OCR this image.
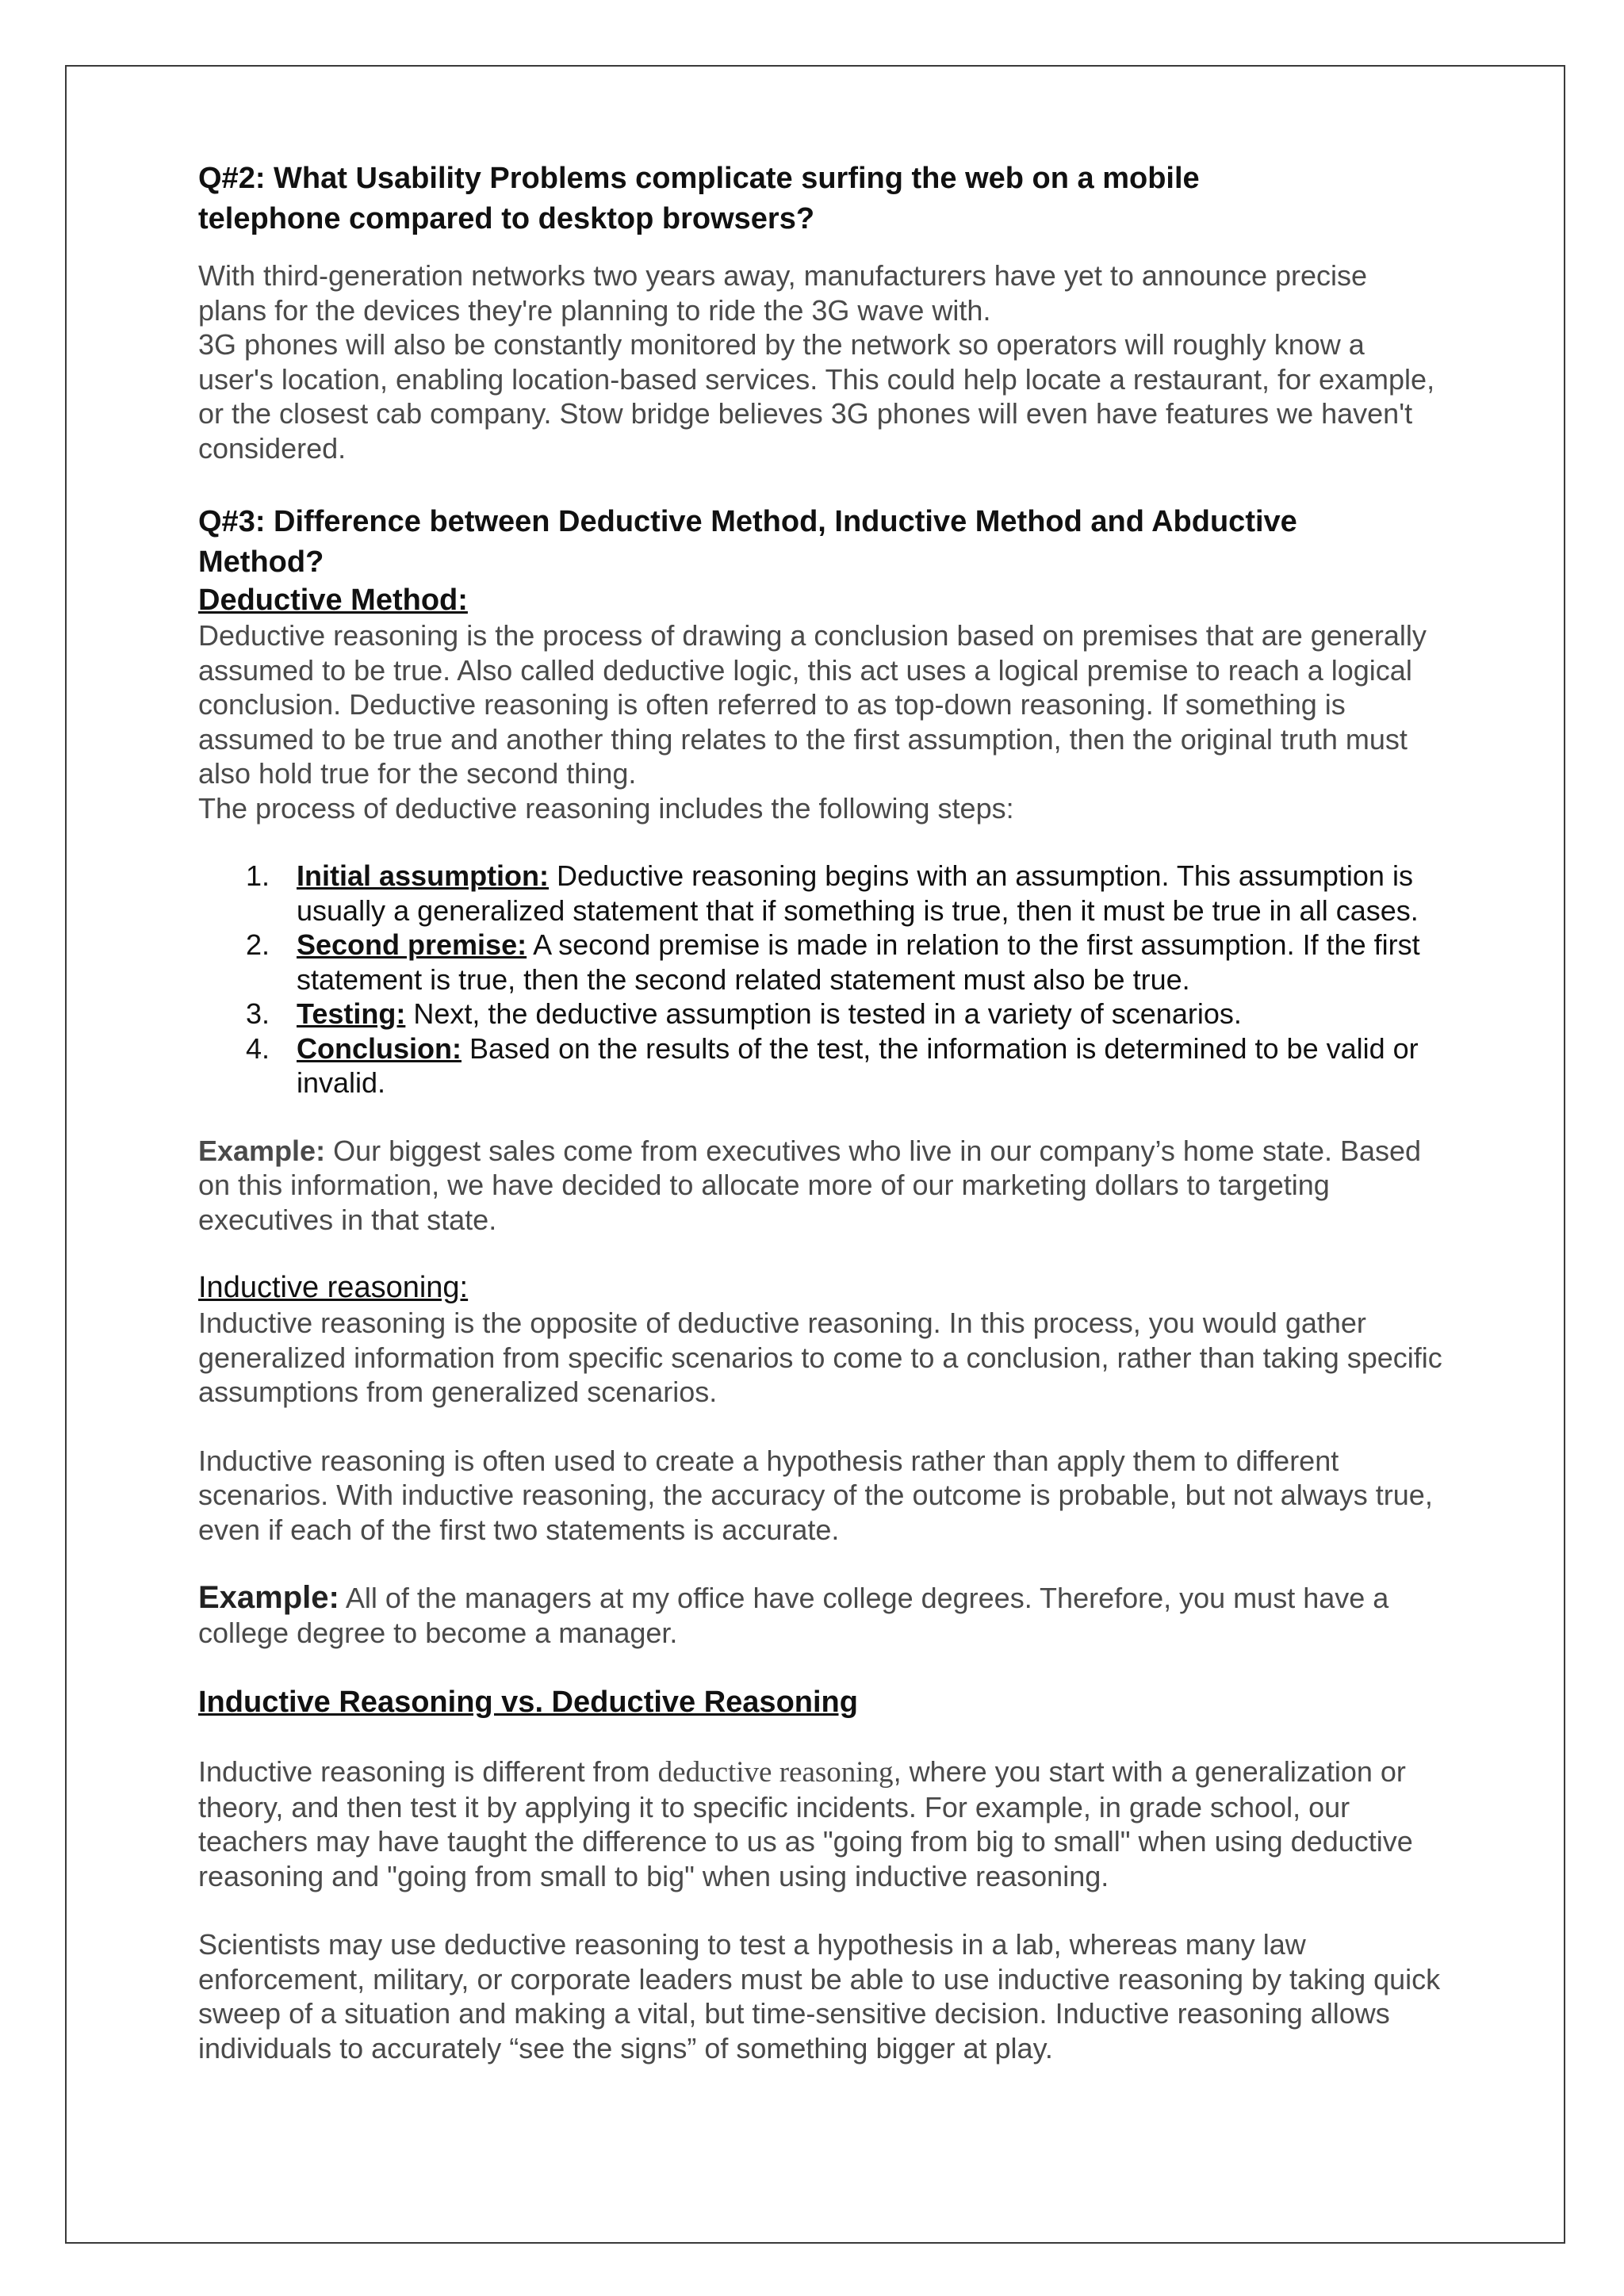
Q#2: What Usability Problems complicate surfing the web on a mobile
telephone compared to desktop browsers?

With third-generation networks two years away, manufacturers have yet to announce precise plans for the devices they're planning to ride the 3G wave with.

3G phones will also be constantly monitored by the network so operators will roughly know a user's location, enabling location-based services. This could help locate a restaurant, for example, or the closest cab company. Stow bridge believes 3G phones will even have features we haven't considered.

Q#3: Difference between Deductive Method, Inductive Method and Abductive
Method?
Deductive Method:

Deductive reasoning is the process of drawing a conclusion based on premises that are generally assumed to be true. Also called deductive logic, this act uses a logical premise to reach a logical conclusion. Deductive reasoning is often referred to as top-down reasoning. If something is assumed to be true and another thing relates to the first assumption, then the original truth must also hold true for the second thing.

The process of deductive reasoning includes the following steps:

1. Initial assumption: Deductive reasoning begins with an assumption. This assumption is usually a generalized statement that if something is true, then it must be true in all cases.
2. Second premise: A second premise is made in relation to the first assumption. If the first statement is true, then the second related statement must also be true.
3. Testing: Next, the deductive assumption is tested in a variety of scenarios.
4. Conclusion: Based on the results of the test, the information is determined to be valid or invalid.

Example: Our biggest sales come from executives who live in our company’s home state. Based on this information, we have decided to allocate more of our marketing dollars to targeting executives in that state.

Inductive reasoning:

Inductive reasoning is the opposite of deductive reasoning. In this process, you would gather generalized information from specific scenarios to come to a conclusion, rather than taking specific assumptions from generalized scenarios.

Inductive reasoning is often used to create a hypothesis rather than apply them to different scenarios. With inductive reasoning, the accuracy of the outcome is probable, but not always true, even if each of the first two statements is accurate.

Example: All of the managers at my office have college degrees. Therefore, you must have a college degree to become a manager.

Inductive Reasoning vs. Deductive Reasoning

Inductive reasoning is different from deductive reasoning, where you start with a generalization or theory, and then test it by applying it to specific incidents. For example, in grade school, our teachers may have taught the difference to us as "going from big to small" when using deductive reasoning and "going from small to big" when using inductive reasoning.

Scientists may use deductive reasoning to test a hypothesis in a lab, whereas many law enforcement, military, or corporate leaders must be able to use inductive reasoning by taking quick sweep of a situation and making a vital, but time-sensitive decision. Inductive reasoning allows individuals to accurately “see the signs” of something bigger at play.
